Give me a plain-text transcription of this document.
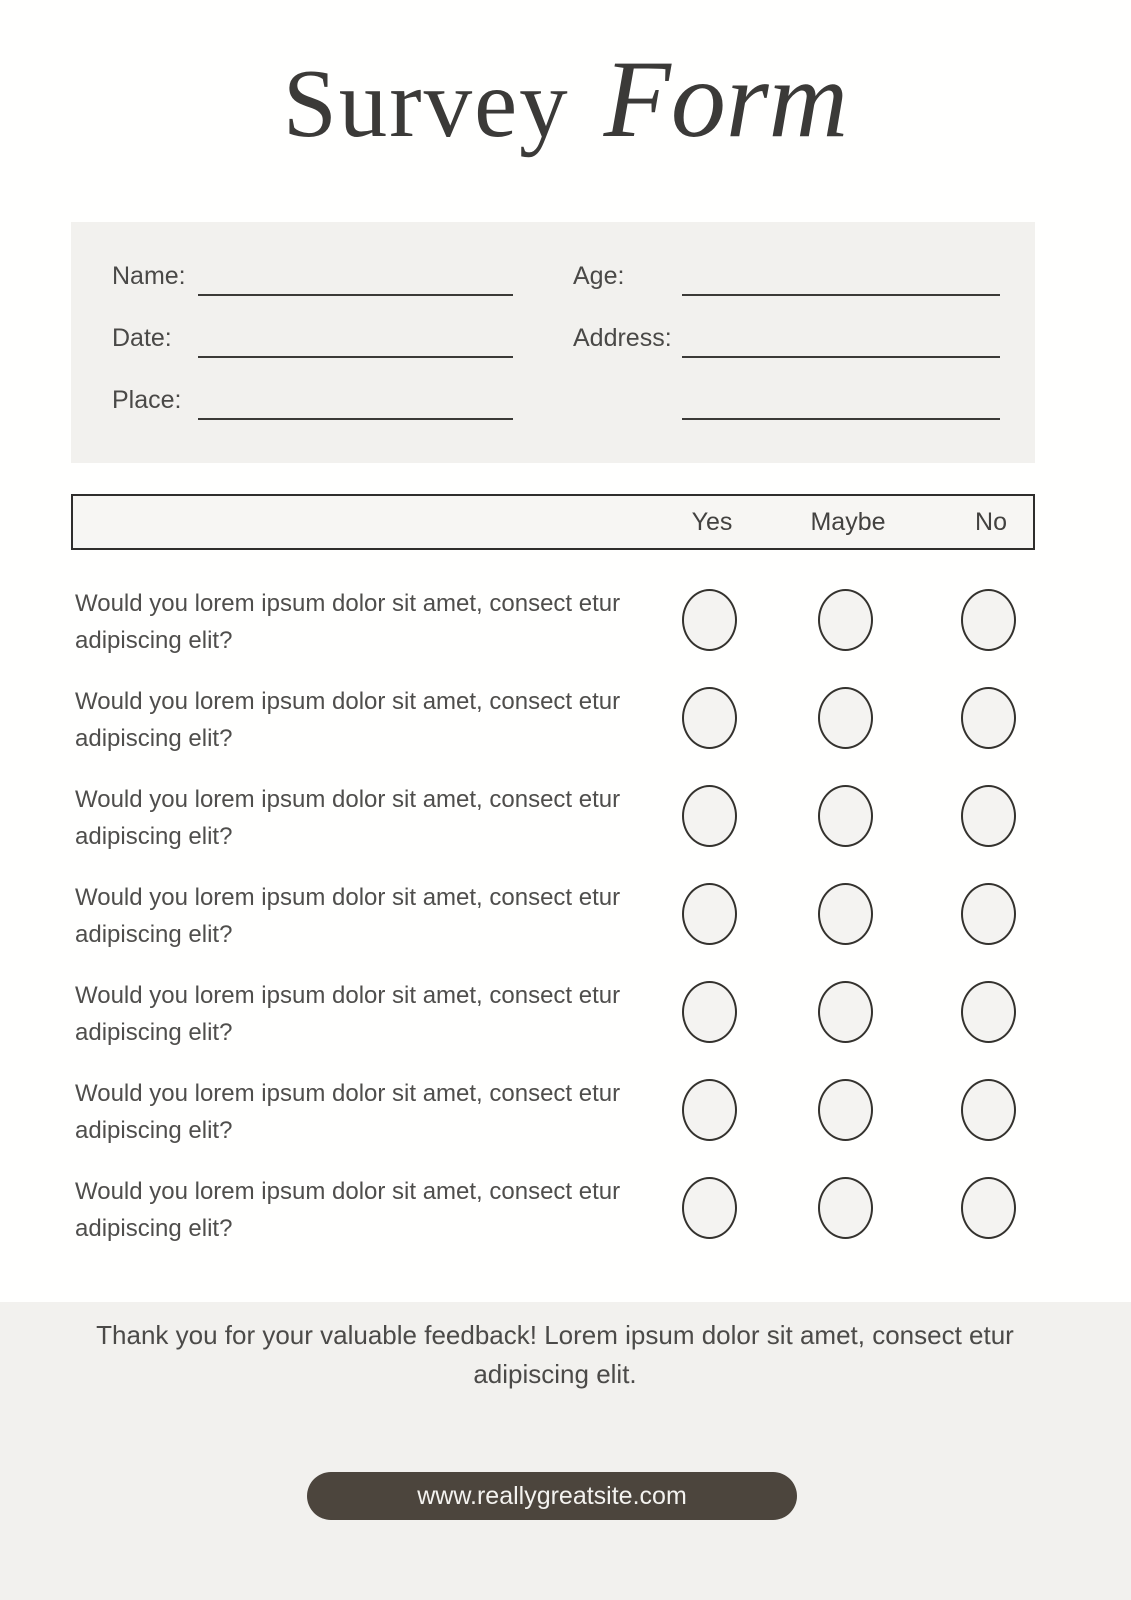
Survey Form
Name:	Age:
Date:	Address:
Place:
Yes	Maybe	No
Would you lorem ipsum dolor sit amet, consect etur adipiscing elit?
Would you lorem ipsum dolor sit amet, consect etur adipiscing elit?
Would you lorem ipsum dolor sit amet, consect etur adipiscing elit?
Would you lorem ipsum dolor sit amet, consect etur adipiscing elit?
Would you lorem ipsum dolor sit amet, consect etur adipiscing elit?
Would you lorem ipsum dolor sit amet, consect etur adipiscing elit?
Would you lorem ipsum dolor sit amet, consect etur adipiscing elit?
Thank you for your valuable feedback! Lorem ipsum dolor sit amet, consect etur adipiscing elit.
www.reallygreatsite.com
